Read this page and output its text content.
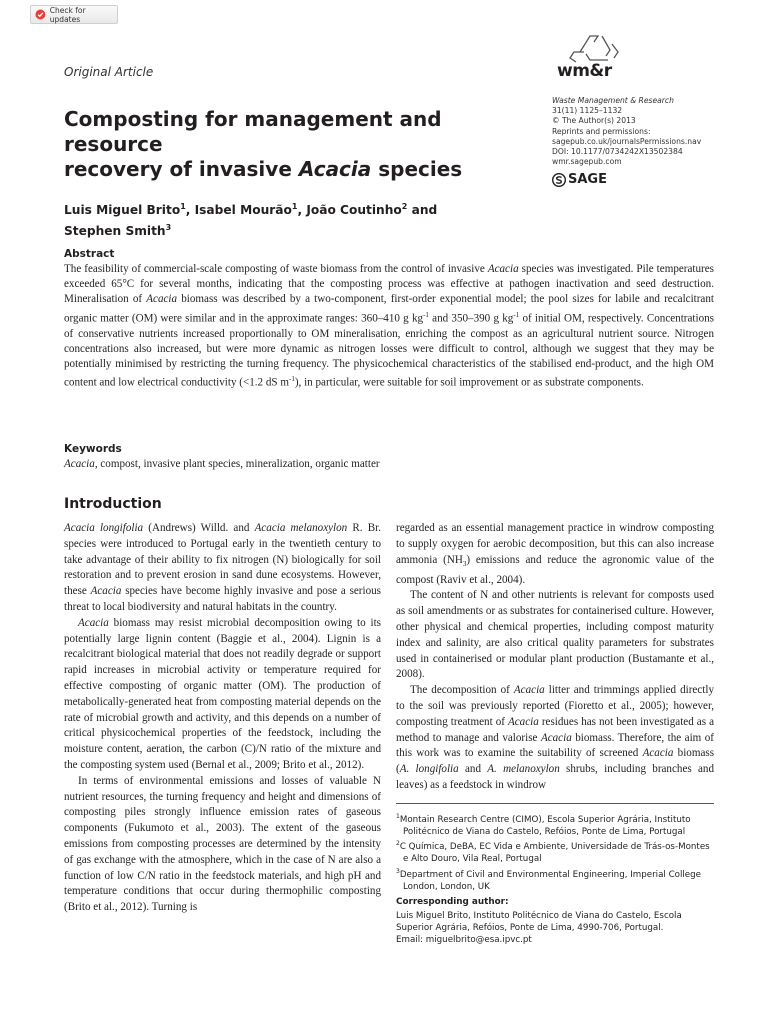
Check for updates
Original Article	wm&r
Waste Management & Research
31(11) 1125–1132
© The Author(s) 2013
Reprints and permissions:
sagepub.co.uk/journalsPermissions.nav
DOI: 10.1177/0734242X13502384
wmr.sagepub.com
SAGE
Composting for management and resource
recovery of invasive Acacia species
Luis Miguel Brito$^1$, Isabel Mourão$^1$, João Coutinho$^2$ and
Stephen Smith$^3$
Abstract
The feasibility of commercial-scale composting of waste biomass from the control of invasive Acacia species was investigated. Pile temperatures exceeded 65°C for several months, indicating that the composting process was effective at pathogen inactivation and seed destruction. Mineralisation of Acacia biomass was described by a two-component, first-order exponential model; the pool sizes for labile and recalcitrant organic matter (OM) were similar and in the approximate ranges: 360–410 g $kg^{-1}$ and 350–390 g $kg^{-1}$ of initial OM, respectively. Concentrations of conservative nutrients increased proportionally to OM mineralisation, enriching the compost as an agricultural nutrient source. Nitrogen concentrations also increased, but were more dynamic as nitrogen losses were difficult to control, although we suggest that they may be potentially minimised by restricting the turning frequency. The physicochemical characteristics of the stabilised end-product, and the high OM content and low electrical conductivity (<1.2 dS $m^{-1}$), in particular, were suitable for soil improvement or as substrate components.
Keywords
Acacia, compost, invasive plant species, mineralization, organic matter
Introduction

Acacia longifolia (Andrews) Willd. and Acacia melanoxylon R. Br. species were introduced to Portugal early in the twentieth century to take advantage of their ability to fix nitrogen (N) biologically for soil restoration and to prevent erosion in sand dune ecosystems. However, these Acacia species have become highly invasive and pose a serious threat to local biodiversity and natural habitats in the country.

Acacia biomass may resist microbial decomposition owing to its potentially large lignin content (Baggie et al., 2004). Lignin is a recalcitrant biological material that does not readily degrade or support rapid increases in microbial activity or temperature required for effective composting of organic matter (OM). The production of metabolically-generated heat from composting material depends on the rate of microbial growth and activity, and this depends on a number of critical physicochemical properties of the feedstock, including the moisture content, aeration, the carbon (C)/N ratio of the mixture and the composting system used (Bernal et al., 2009; Brito et al., 2012).

In terms of environmental emissions and losses of valuable N nutrient resources, the turning frequency and height and dimensions of composting piles strongly influence emission rates of gaseous components (Fukumoto et al., 2003). The extent of the gaseous emissions from composting processes are determined by the intensity of gas exchange with the atmosphere, which in the case of N are also a function of low C/N ratio in the feedstock materials, and high pH and temperature conditions that occur during thermophilic composting (Brito et al., 2012). Turning is

regarded as an essential management practice in windrow composting to supply oxygen for aerobic decomposition, but this can also increase ammonia $(NH_3)$ emissions and reduce the agronomic value of the compost (Raviv et al., 2004).

The content of N and other nutrients is relevant for composts used as soil amendments or as substrates for containerised culture. However, other physical and chemical properties, including compost maturity index and salinity, are also critical quality parameters for substrates used in containerised or modular plant production (Bustamante et al., 2008).

The decomposition of Acacia litter and trimmings applied directly to the soil was previously reported (Fioretto et al., 2005); however, composting treatment of Acacia residues has not been investigated as a method to manage and valorise Acacia biomass. Therefore, the aim of this work was to examine the suitability of screened Acacia biomass (A. longifolia and A. melanoxylon shrubs, including branches and leaves) as a feedstock in windrow

$^1$Montain Research Centre (CIMO), Escola Superior Agrária, Instituto Politécnico de Viana do Castelo, Refóios, Ponte de Lima, Portugal
$^2$C Química, DeBA, EC Vida e Ambiente, Universidade de Trás-os-Montes e Alto Douro, Vila Real, Portugal
$^3$Department of Civil and Environmental Engineering, Imperial College London, London, UK
Corresponding author:
Luis Miguel Brito, Instituto Politécnico de Viana do Castelo, Escola Superior Agrária, Refóios, Ponte de Lima, 4990-706, Portugal.
Email: miguelbrito@esa.ipvc.pt
